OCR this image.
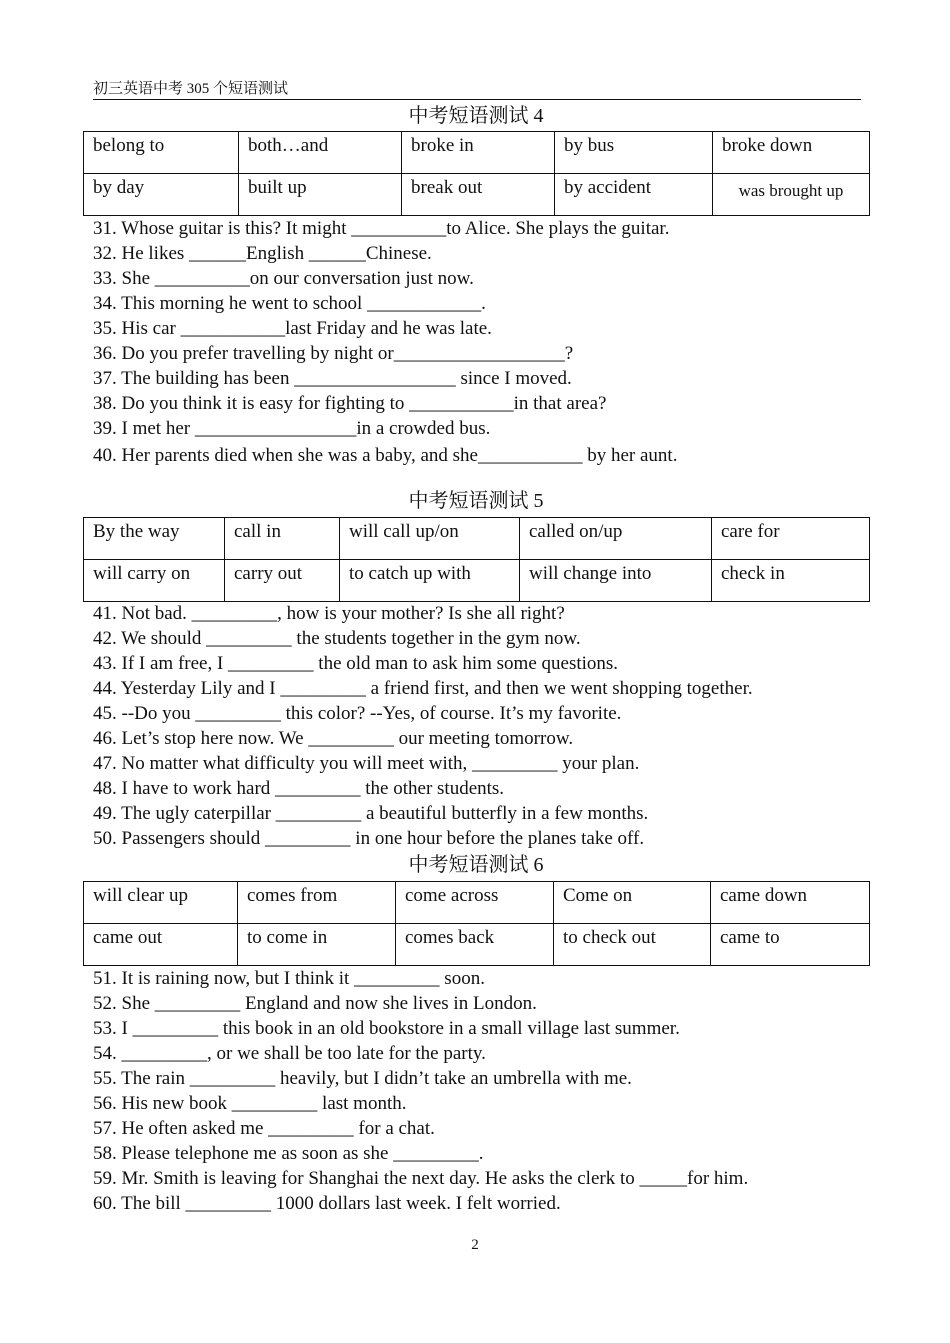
初三英语中考 305 个短语测试
中考短语测试 4
belong to	both…and	broke in	by bus	broke down
by day	built up	break out	by accident	was brought up
31. Whose guitar is this? It might __________to Alice. She plays the guitar.
32. He likes ______English ______Chinese.
33. She __________on our conversation just now.
34. This morning he went to school ____________.
35. His car ___________last Friday and he was late.
36. Do you prefer travelling by night or__________________?
37. The building has been _________________ since I moved.
38. Do you think it is easy for fighting to ___________in that area?
39. I met her _________________in a crowded bus.
40. Her parents died when she was a baby, and she___________ by her aunt.
中考短语测试 5
By the way	call in	will call up/on	called on/up	care for
will carry on	carry out	to catch up with	will change into	check in
41. Not bad. _________, how is your mother? Is she all right?
42. We should _________ the students together in the gym now.
43. If I am free, I _________ the old man to ask him some questions.
44. Yesterday Lily and I _________ a friend first, and then we went shopping together.
45. --Do you _________ this color? --Yes, of course. It’s my favorite.
46. Let’s stop here now. We _________ our meeting tomorrow.
47. No matter what difficulty you will meet with, _________ your plan.
48. I have to work hard _________ the other students.
49. The ugly caterpillar _________ a beautiful butterfly in a few months.
50. Passengers should _________ in one hour before the planes take off.
中考短语测试 6
will clear up	comes from	come across	Come on	came down
came out	to come in	comes back	to check out	came to
51. It is raining now, but I think it _________ soon.
52. She _________ England and now she lives in London.
53. I _________ this book in an old bookstore in a small village last summer.
54. _________, or we shall be too late for the party.
55. The rain _________ heavily, but I didn’t take an umbrella with me.
56. His new book _________ last month.
57. He often asked me _________ for a chat.
58. Please telephone me as soon as she _________.
59. Mr. Smith is leaving for Shanghai the next day. He asks the clerk to _____for him.
60. The bill _________ 1000 dollars last week. I felt worried.
2
